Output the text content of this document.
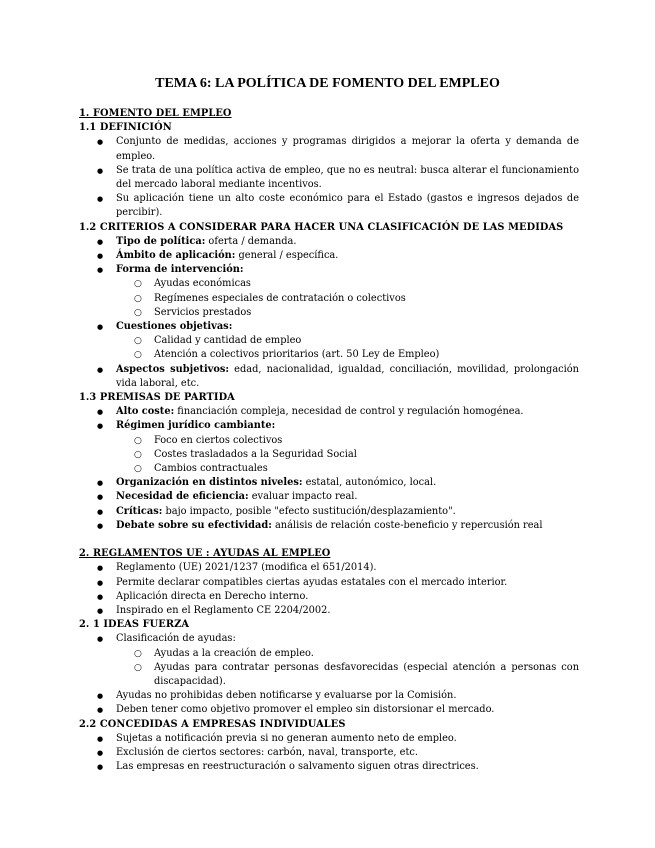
TEMA 6: LA POLÍTICA DE FOMENTO DEL EMPLEO
1. FOMENTO DEL EMPLEO
1.1 DEFINICIÓN
● Conjunto de medidas, acciones y programas dirigidos a mejorar la oferta y demanda de empleo.
● Se trata de una política activa de empleo, que no es neutral: busca alterar el funcionamiento del mercado laboral mediante incentivos.
● Su aplicación tiene un alto coste económico para el Estado (gastos e ingresos dejados de percibir).
1.2 CRITERIOS A CONSIDERAR PARA HACER UNA CLASIFICACIÓN DE LAS MEDIDAS
● Tipo de política: oferta / demanda.
● Ámbito de aplicación: general / específica.
● Forma de intervención:
○ Ayudas económicas
○ Regímenes especiales de contratación o colectivos
○ Servicios prestados
● Cuestiones objetivas:
○ Calidad y cantidad de empleo
○ Atención a colectivos prioritarios (art. 50 Ley de Empleo)
● Aspectos subjetivos: edad, nacionalidad, igualdad, conciliación, movilidad, prolongación vida laboral, etc.
1.3 PREMISAS DE PARTIDA
● Alto coste: financiación compleja, necesidad de control y regulación homogénea.
● Régimen jurídico cambiante:
○ Foco en ciertos colectivos
○ Costes trasladados a la Seguridad Social
○ Cambios contractuales
● Organización en distintos niveles: estatal, autonómico, local.
● Necesidad de eficiencia: evaluar impacto real.
● Críticas: bajo impacto, posible "efecto sustitución/desplazamiento".
● Debate sobre su efectividad: análisis de relación coste-beneficio y repercusión real
2. REGLAMENTOS UE : AYUDAS AL EMPLEO
● Reglamento (UE) 2021/1237 (modifica el 651/2014).
● Permite declarar compatibles ciertas ayudas estatales con el mercado interior.
● Aplicación directa en Derecho interno.
● Inspirado en el Reglamento CE 2204/2002.
2. 1 IDEAS FUERZA
● Clasificación de ayudas:
○ Ayudas a la creación de empleo.
○ Ayudas para contratar personas desfavorecidas (especial atención a personas con discapacidad).
● Ayudas no prohibidas deben notificarse y evaluarse por la Comisión.
● Deben tener como objetivo promover el empleo sin distorsionar el mercado.
2.2 CONCEDIDAS A EMPRESAS INDIVIDUALES
● Sujetas a notificación previa si no generan aumento neto de empleo.
● Exclusión de ciertos sectores: carbón, naval, transporte, etc.
● Las empresas en reestructuración o salvamento siguen otras directrices.
